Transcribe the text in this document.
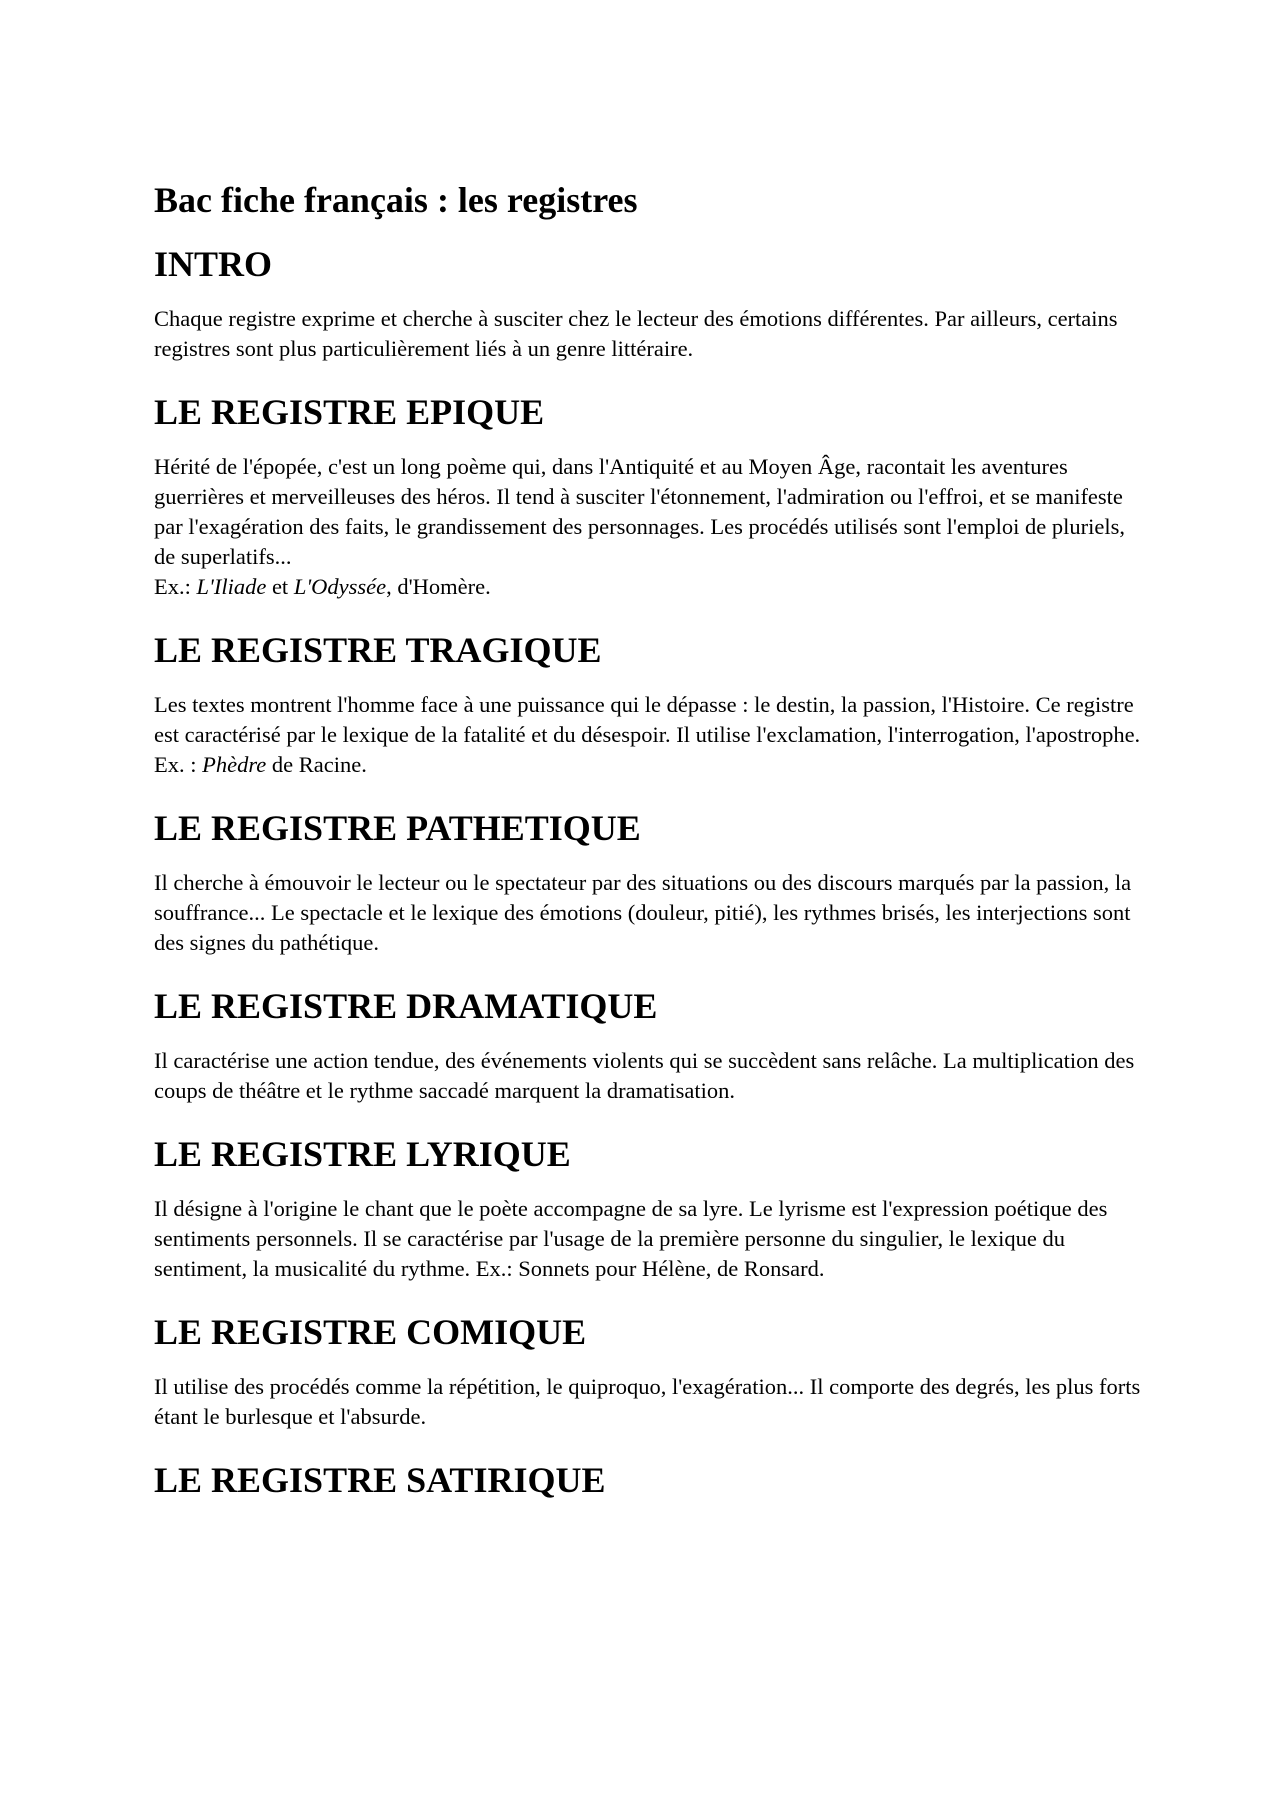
Bac fiche français : les registres
INTRO

Chaque registre exprime et cherche à susciter chez le lecteur des émotions différentes. Par ailleurs, certains registres sont plus particulièrement liés à un genre littéraire.

LE REGISTRE EPIQUE

Hérité de l'épopée, c'est un long poème qui, dans l'Antiquité et au Moyen Âge, racontait les aventures guerrières et merveilleuses des héros. Il tend à susciter l'étonnement, l'admiration ou l'effroi, et se manifeste par l'exagération des faits, le grandissement des personnages. Les procédés utilisés sont l'emploi de pluriels, de superlatifs...

Ex.: L'Iliade et L'Odyssée, d'Homère.

LE REGISTRE TRAGIQUE

Les textes montrent l'homme face à une puissance qui le dépasse : le destin, la passion, l'Histoire. Ce registre est caractérisé par le lexique de la fatalité et du désespoir. Il utilise l'exclamation, l'interrogation, l'apostrophe. Ex. : Phèdre de Racine.

LE REGISTRE PATHETIQUE

Il cherche à émouvoir le lecteur ou le spectateur par des situations ou des discours marqués par la passion, la souffrance... Le spectacle et le lexique des émotions (douleur, pitié), les rythmes brisés, les interjections sont des signes du pathétique.

LE REGISTRE DRAMATIQUE

Il caractérise une action tendue, des événements violents qui se succèdent sans relâche. La multiplication des coups de théâtre et le rythme saccadé marquent la dramatisation.

LE REGISTRE LYRIQUE

Il désigne à l'origine le chant que le poète accompagne de sa lyre. Le lyrisme est l'expression poétique des sentiments personnels. Il se caractérise par l'usage de la première personne du singulier, le lexique du sentiment, la musicalité du rythme. Ex.: Sonnets pour Hélène, de Ronsard.

LE REGISTRE COMIQUE

Il utilise des procédés comme la répétition, le quiproquo, l'exagération... Il comporte des degrés, les plus forts étant le burlesque et l'absurde.

LE REGISTRE SATIRIQUE
